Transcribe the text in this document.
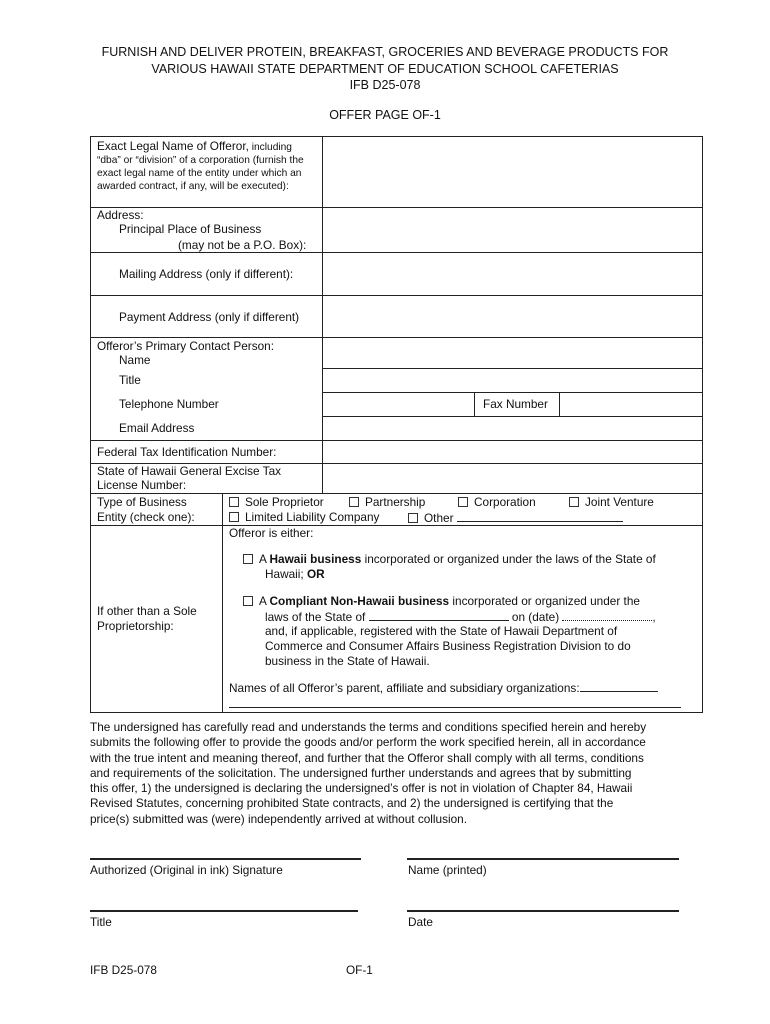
FURNISH AND DELIVER PROTEIN, BREAKFAST, GROCERIES AND BEVERAGE PRODUCTS FOR
VARIOUS HAWAII STATE DEPARTMENT OF EDUCATION SCHOOL CAFETERIAS
IFB D25-078
OFFER PAGE OF-1
Exact Legal Name of Offeror, including
“dba” or “division” of a corporation (furnish the exact legal name of the entity under which an awarded contract, if any, will be executed):
Address:
Principal Place of Business
(may not be a P.O. Box):
Mailing Address (only if different):
Payment Address (only if different)
Offeror’s Primary Contact Person:
Name
Title
Telephone Number	Fax Number
Email Address
Federal Tax Identification Number:
State of Hawaii General Excise Tax
License Number:
Type of Business
Entity (check one):
Sole Proprietor	Partnership	Corporation	Joint Venture
Limited Liability Company	Other
If other than a Sole
Proprietorship:
Offeror is either:
A Hawaii business incorporated or organized under the laws of the State of
Hawaii; OR
A Compliant Non-Hawaii business incorporated or organized under the
laws of the State of	on (date)	,
and, if applicable, registered with the State of Hawaii Department of
Commerce and Consumer Affairs Business Registration Division to do
business in the State of Hawaii.
Names of all Offeror’s parent, affiliate and subsidiary organizations:
The undersigned has carefully read and understands the terms and conditions specified herein and hereby
submits the following offer to provide the goods and/or perform the work specified herein, all in accordance
with the true intent and meaning thereof, and further that the Offeror shall comply with all terms, conditions
and requirements of the solicitation. The undersigned further understands and agrees that by submitting
this offer, 1) the undersigned is declaring the undersigned’s offer is not in violation of Chapter 84, Hawaii
Revised Statutes, concerning prohibited State contracts, and 2) the undersigned is certifying that the
price(s) submitted was (were) independently arrived at without collusion.
Authorized (Original in ink) Signature	Name (printed)
Title	Date
IFB D25-078	OF-1
